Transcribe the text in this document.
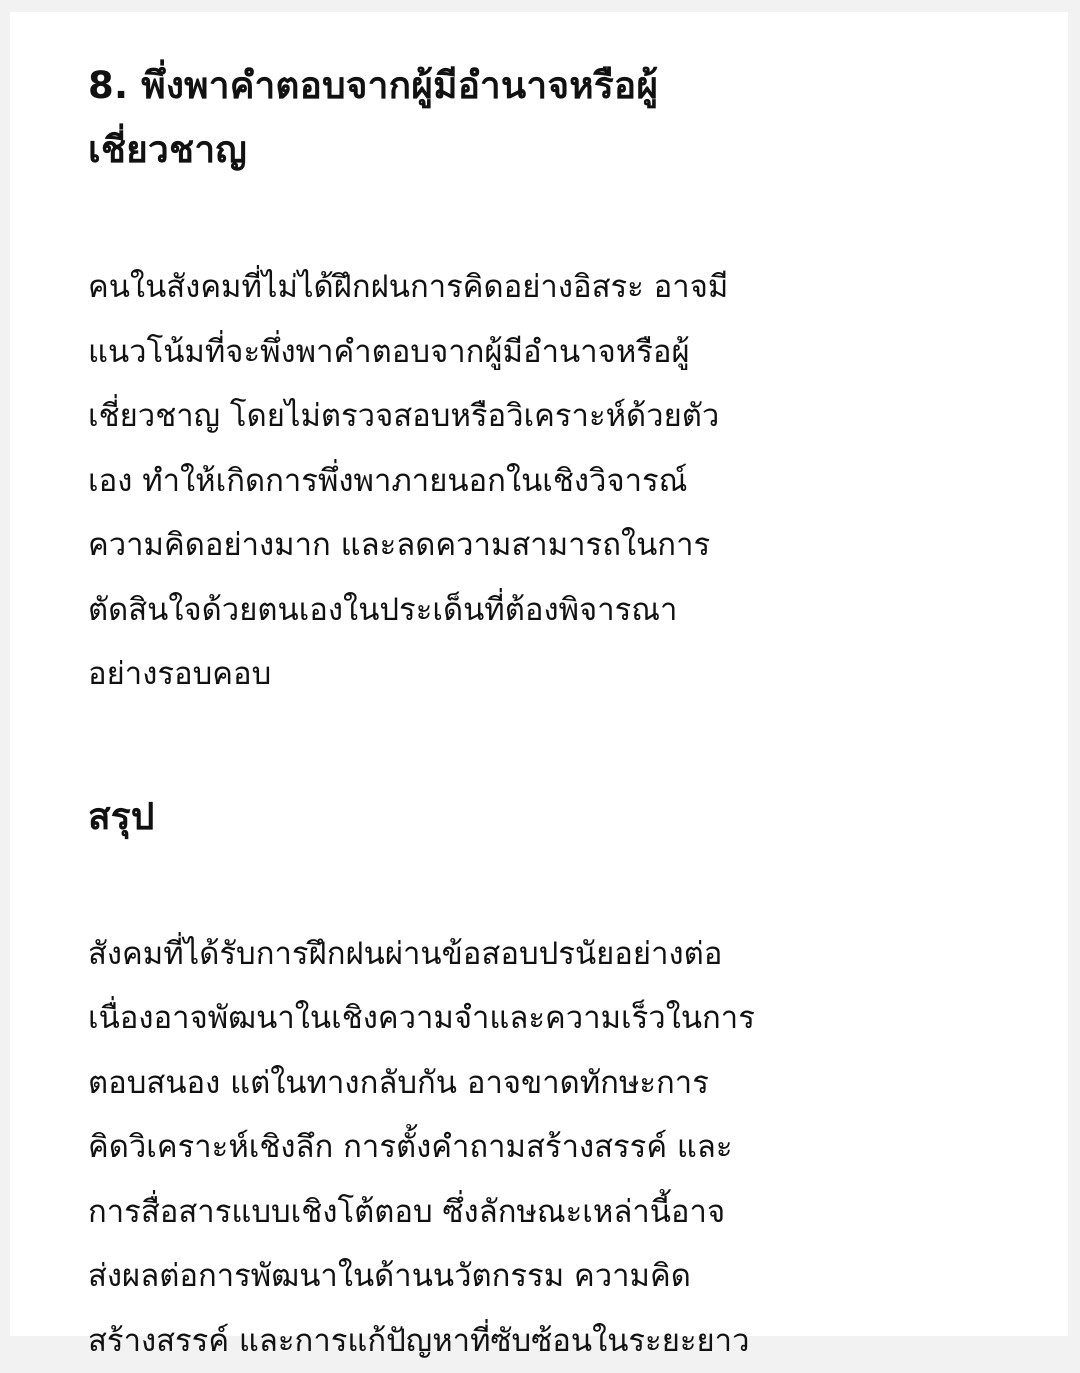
8. พึ่งพาคำตอบจากผู้มีอำนาจหรือผู้
เชี่ยวชาญ

คนในสังคมที่ไม่ได้ฝึกฝนการคิดอย่างอิสระ อาจมี
แนวโน้มที่จะพึ่งพาคำตอบจากผู้มีอำนาจหรือผู้
เชี่ยวชาญ โดยไม่ตรวจสอบหรือวิเคราะห์ด้วยตัว
เอง ทำให้เกิดการพึ่งพาภายนอกในเชิงวิจารณ์
ความคิดอย่างมาก และลดความสามารถในการ
ตัดสินใจด้วยตนเองในประเด็นที่ต้องพิจารณา
อย่างรอบคอบ

สรุป

สังคมที่ได้รับการฝึกฝนผ่านข้อสอบปรนัยอย่างต่อ
เนื่องอาจพัฒนาในเชิงความจำและความเร็วในการ
ตอบสนอง แต่ในทางกลับกัน อาจขาดทักษะการ
คิดวิเคราะห์เชิงลึก การตั้งคำถามสร้างสรรค์ และ
การสื่อสารแบบเชิงโต้ตอบ ซึ่งลักษณะเหล่านี้อาจ
ส่งผลต่อการพัฒนาในด้านนวัตกรรม ความคิด
สร้างสรรค์ และการแก้ปัญหาที่ซับซ้อนในระยะยาว
